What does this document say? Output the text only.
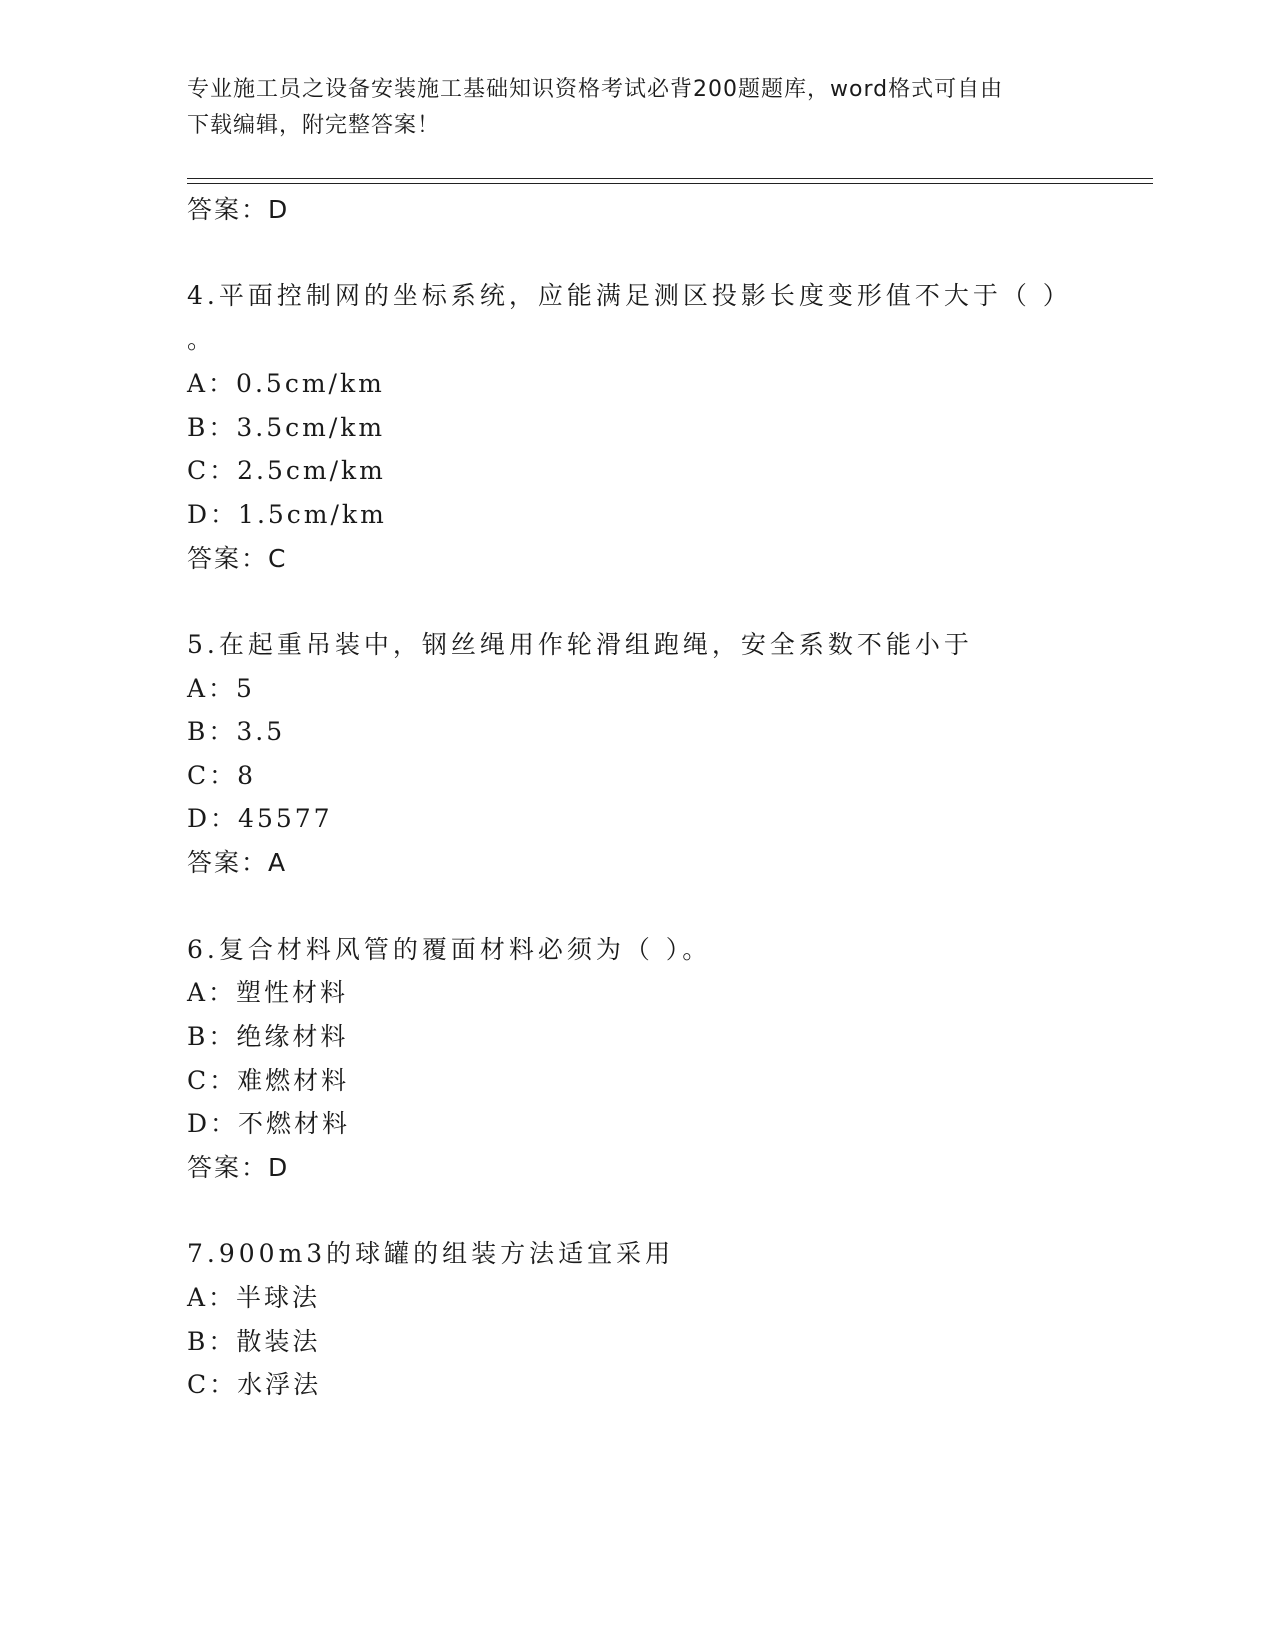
专业施工员之设备安装施工基础知识资格考试必背200题题库，word格式可自由
下载编辑，附完整答案！
答案：D
4.平面控制网的坐标系统，应能满足测区投影长度变形值不大于（ ）
。
A：0.5cm/km
B：3.5cm/km
C：2.5cm/km
D：1.5cm/km
答案：C
5.在起重吊装中，钢丝绳用作轮滑组跑绳，安全系数不能小于
A：5
B：3.5
C：8
D：45577
答案：A
6.复合材料风管的覆面材料必须为（ ）。
A：塑性材料
B：绝缘材料
C：难燃材料
D：不燃材料
答案：D
7.900m3的球罐的组装方法适宜采用
A：半球法
B：散装法
C：水浮法
